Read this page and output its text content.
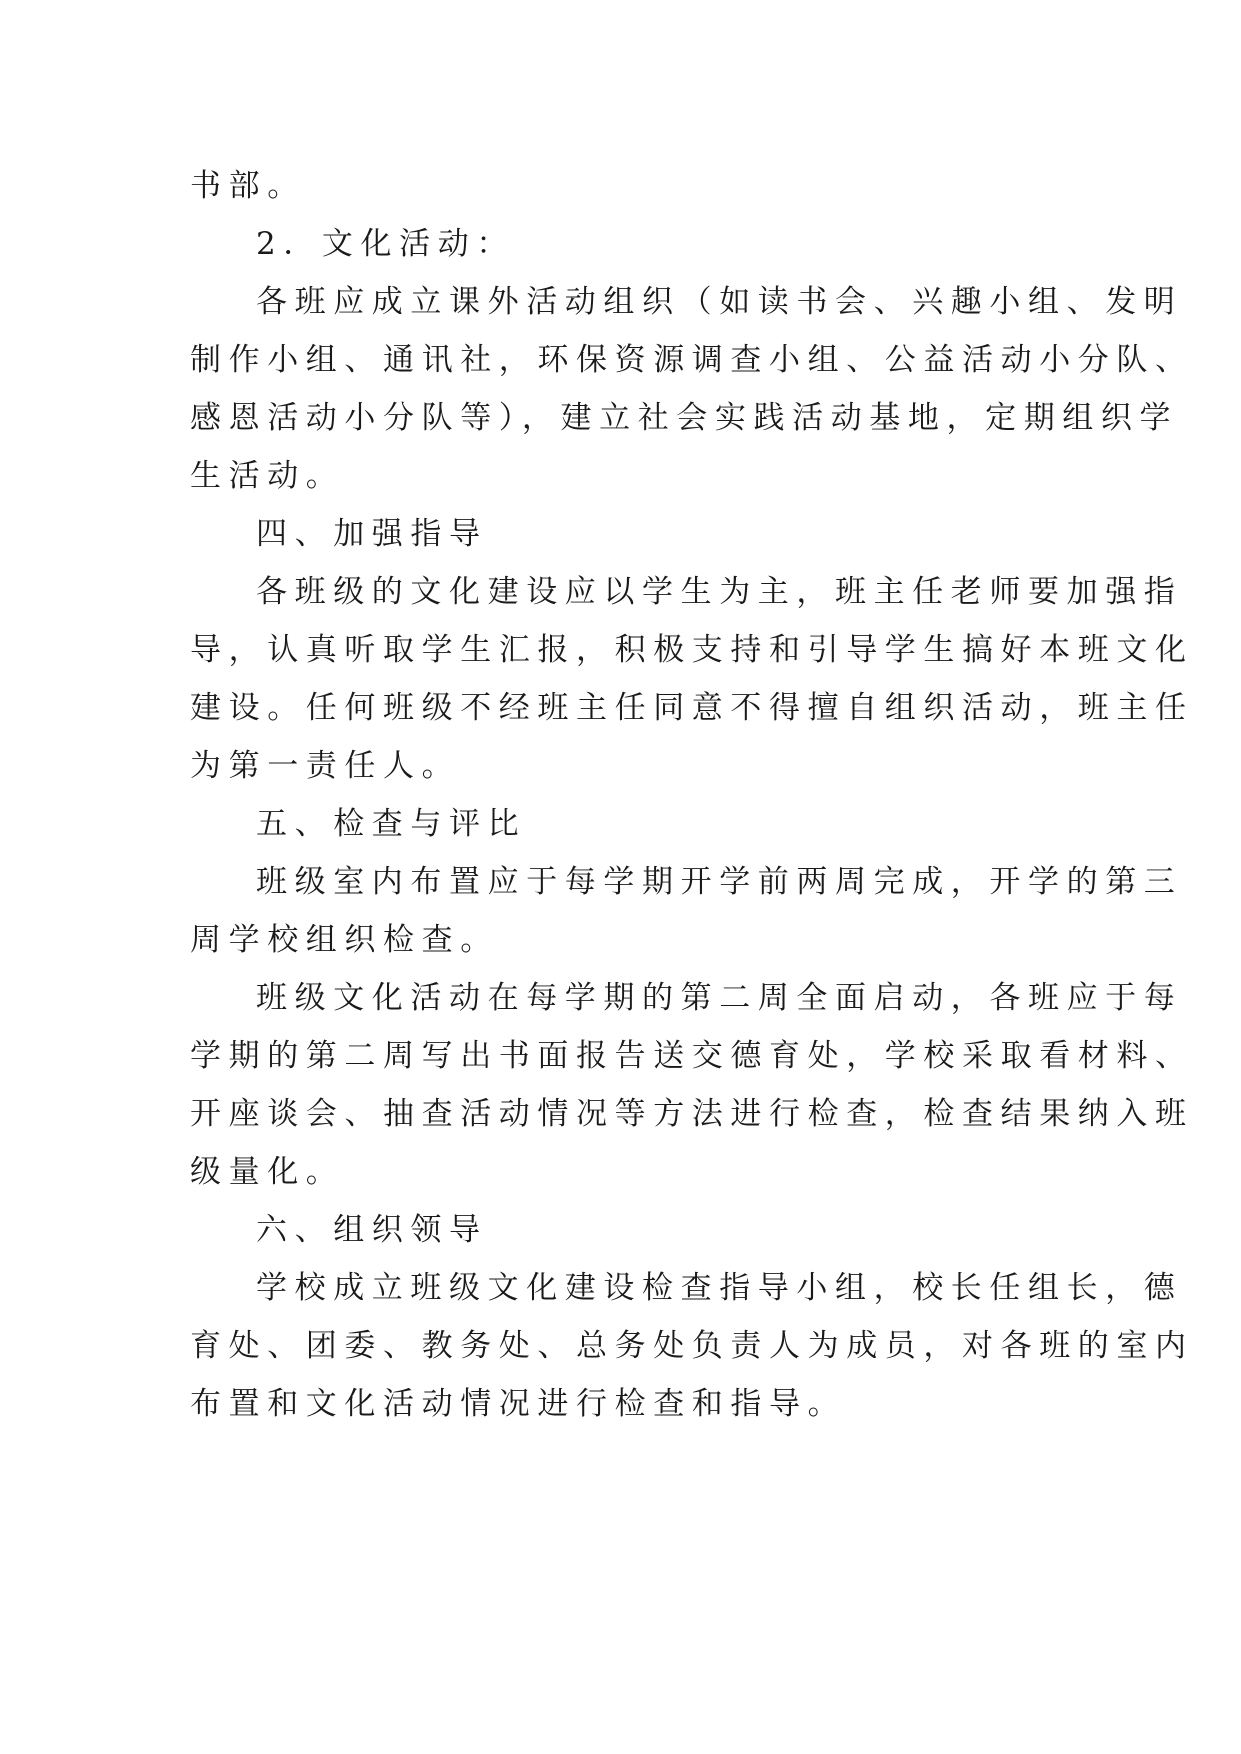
书部。
2．文化活动：
各班应成立课外活动组织（如读书会、兴趣小组、发明
制作小组、通讯社，环保资源调查小组、公益活动小分队、
感恩活动小分队等），建立社会实践活动基地，定期组织学
生活动。
四、加强指导
各班级的文化建设应以学生为主，班主任老师要加强指
导，认真听取学生汇报，积极支持和引导学生搞好本班文化
建设。任何班级不经班主任同意不得擅自组织活动，班主任
为第一责任人。
五、检查与评比
班级室内布置应于每学期开学前两周完成，开学的第三
周学校组织检查。
班级文化活动在每学期的第二周全面启动，各班应于每
学期的第二周写出书面报告送交德育处，学校采取看材料、
开座谈会、抽查活动情况等方法进行检查，检查结果纳入班
级量化。
六、组织领导
学校成立班级文化建设检查指导小组，校长任组长，德
育处、团委、教务处、总务处负责人为成员，对各班的室内
布置和文化活动情况进行检查和指导。
